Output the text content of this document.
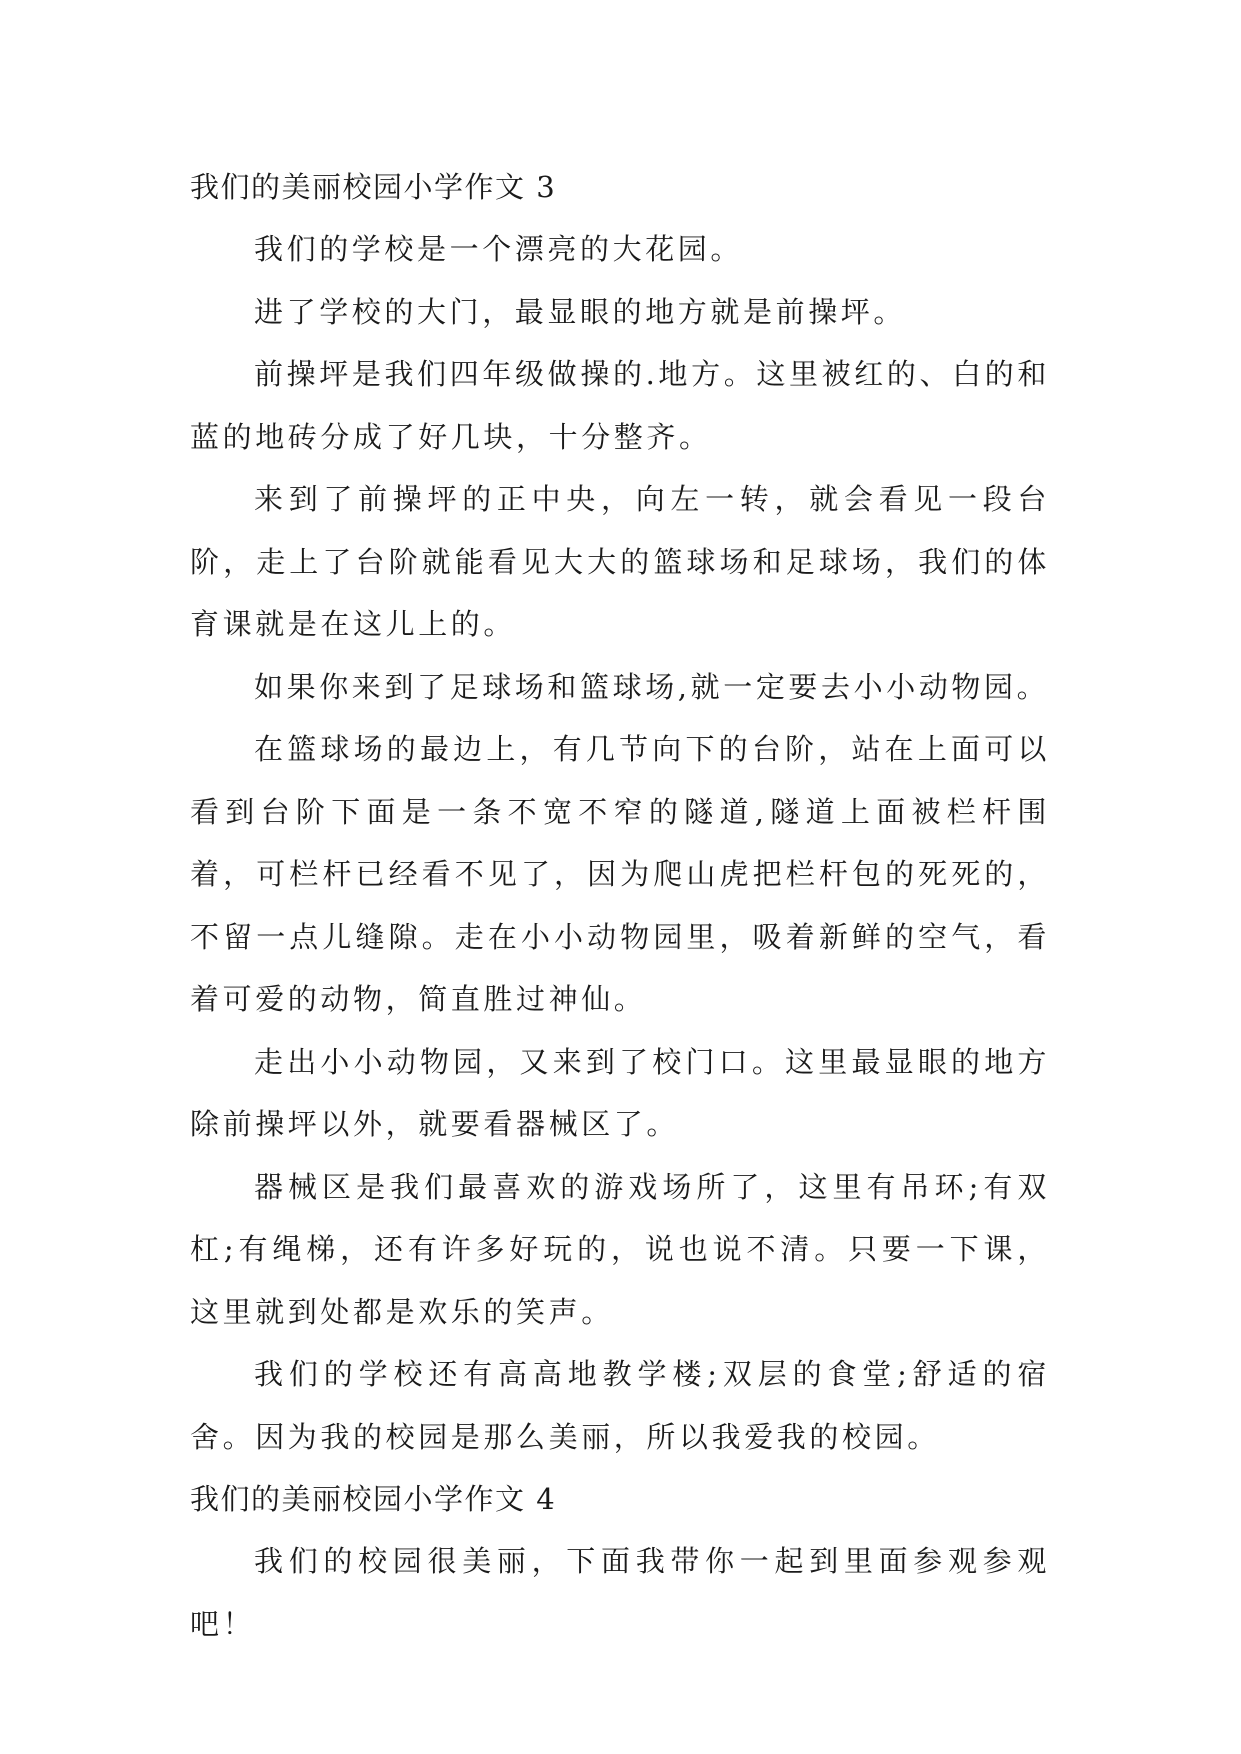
我们的美丽校园小学作文 3

我们的学校是一个漂亮的大花园。

进了学校的大门，最显眼的地方就是前操坪。

前操坪是我们四年级做操的.地方。这里被红的、白的和蓝的地砖分成了好几块，十分整齐。

来到了前操坪的正中央，向左一转，就会看见一段台阶，走上了台阶就能看见大大的篮球场和足球场，我们的体育课就是在这儿上的。

如果你来到了足球场和篮球场,就一定要去小小动物园。

在篮球场的最边上，有几节向下的台阶，站在上面可以看到台阶下面是一条不宽不窄的隧道,隧道上面被栏杆围着，可栏杆已经看不见了，因为爬山虎把栏杆包的死死的，不留一点儿缝隙。走在小小动物园里，吸着新鲜的空气，看着可爱的动物，简直胜过神仙。

走出小小动物园，又来到了校门口。这里最显眼的地方除前操坪以外，就要看器械区了。

器械区是我们最喜欢的游戏场所了，这里有吊环;有双杠;有绳梯，还有许多好玩的，说也说不清。只要一下课，这里就到处都是欢乐的笑声。

我们的学校还有高高地教学楼;双层的食堂;舒适的宿舍。因为我的校园是那么美丽，所以我爱我的校园。

我们的美丽校园小学作文 4

我们的校园很美丽，下面我带你一起到里面参观参观吧！
